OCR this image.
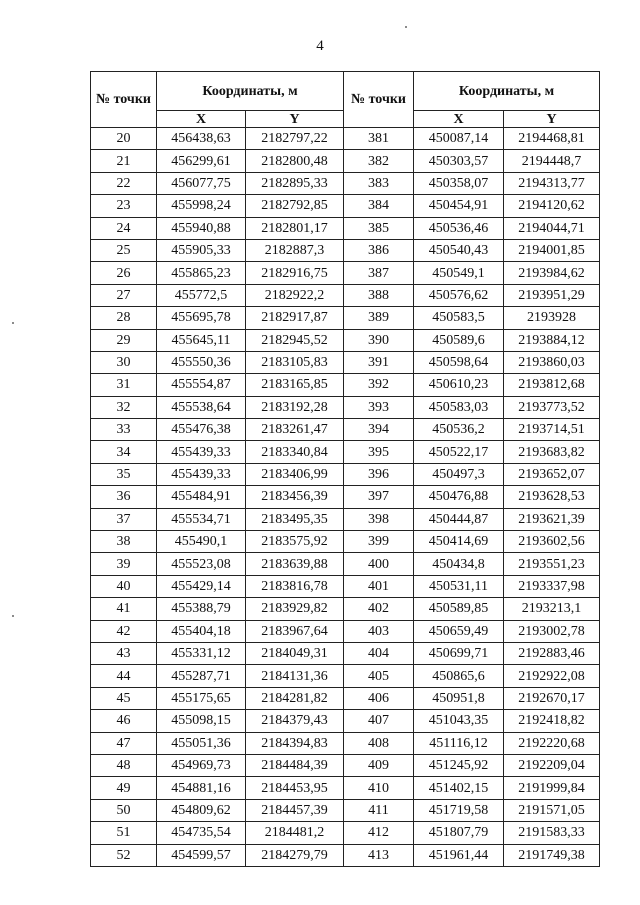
4
№ точки	Координаты, м		№ точки	Координаты, м	
	X	Y		X	Y
20	456438,63	2182797,22	381	450087,14	2194468,81
21	456299,61	2182800,48	382	450303,57	2194448,7
22	456077,75	2182895,33	383	450358,07	2194313,77
23	455998,24	2182792,85	384	450454,91	2194120,62
24	455940,88	2182801,17	385	450536,46	2194044,71
25	455905,33	2182887,3	386	450540,43	2194001,85
26	455865,23	2182916,75	387	450549,1	2193984,62
27	455772,5	2182922,2	388	450576,62	2193951,29
28	455695,78	2182917,87	389	450583,5	2193928
29	455645,11	2182945,52	390	450589,6	2193884,12
30	455550,36	2183105,83	391	450598,64	2193860,03
31	455554,87	2183165,85	392	450610,23	2193812,68
32	455538,64	2183192,28	393	450583,03	2193773,52
33	455476,38	2183261,47	394	450536,2	2193714,51
34	455439,33	2183340,84	395	450522,17	2193683,82
35	455439,33	2183406,99	396	450497,3	2193652,07
36	455484,91	2183456,39	397	450476,88	2193628,53
37	455534,71	2183495,35	398	450444,87	2193621,39
38	455490,1	2183575,92	399	450414,69	2193602,56
39	455523,08	2183639,88	400	450434,8	2193551,23
40	455429,14	2183816,78	401	450531,11	2193337,98
41	455388,79	2183929,82	402	450589,85	2193213,1
42	455404,18	2183967,64	403	450659,49	2193002,78
43	455331,12	2184049,31	404	450699,71	2192883,46
44	455287,71	2184131,36	405	450865,6	2192922,08
45	455175,65	2184281,82	406	450951,8	2192670,17
46	455098,15	2184379,43	407	451043,35	2192418,82
47	455051,36	2184394,83	408	451116,12	2192220,68
48	454969,73	2184484,39	409	451245,92	2192209,04
49	454881,16	2184453,95	410	451402,15	2191999,84
50	454809,62	2184457,39	411	451719,58	2191571,05
51	454735,54	2184481,2	412	451807,79	2191583,33
52	454599,57	2184279,79	413	451961,44	2191749,38
